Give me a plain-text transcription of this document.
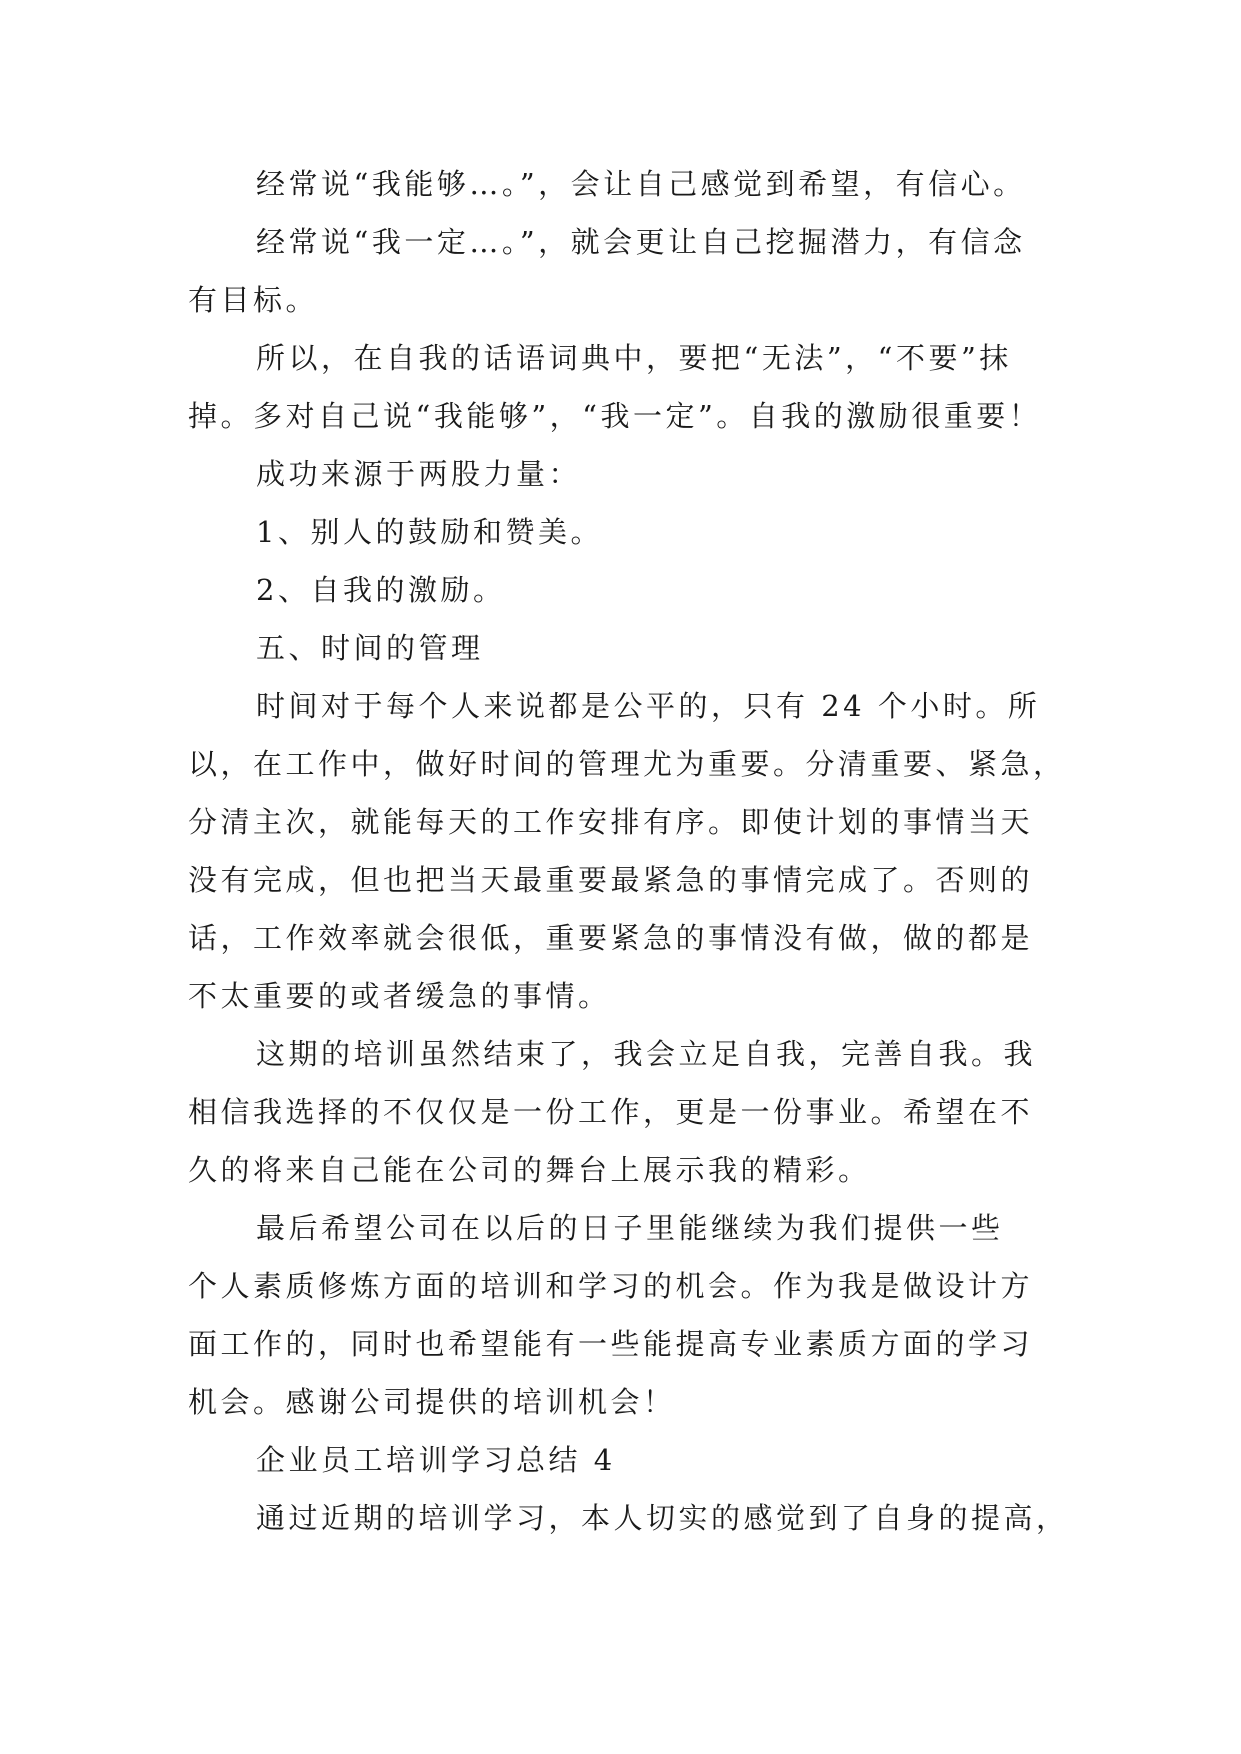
经常说“我能够…。”，会让自己感觉到希望，有信心。
经常说“我一定…。”，就会更让自己挖掘潜力，有信念
有目标。
所以，在自我的话语词典中，要把“无法”，“不要”抹
掉。多对自己说“我能够”，“我一定”。自我的激励很重要！
成功来源于两股力量：
1、别人的鼓励和赞美。
2、自我的激励。
五、时间的管理
时间对于每个人来说都是公平的，只有 24 个小时。所
以，在工作中，做好时间的管理尤为重要。分清重要、紧急，
分清主次，就能每天的工作安排有序。即使计划的事情当天
没有完成，但也把当天最重要最紧急的事情完成了。否则的
话，工作效率就会很低，重要紧急的事情没有做，做的都是
不太重要的或者缓急的事情。
这期的培训虽然结束了，我会立足自我，完善自我。我
相信我选择的不仅仅是一份工作，更是一份事业。希望在不
久的将来自己能在公司的舞台上展示我的精彩。
最后希望公司在以后的日子里能继续为我们提供一些
个人素质修炼方面的培训和学习的机会。作为我是做设计方
面工作的，同时也希望能有一些能提高专业素质方面的学习
机会。感谢公司提供的培训机会！
企业员工培训学习总结 4
通过近期的培训学习，本人切实的感觉到了自身的提高，
